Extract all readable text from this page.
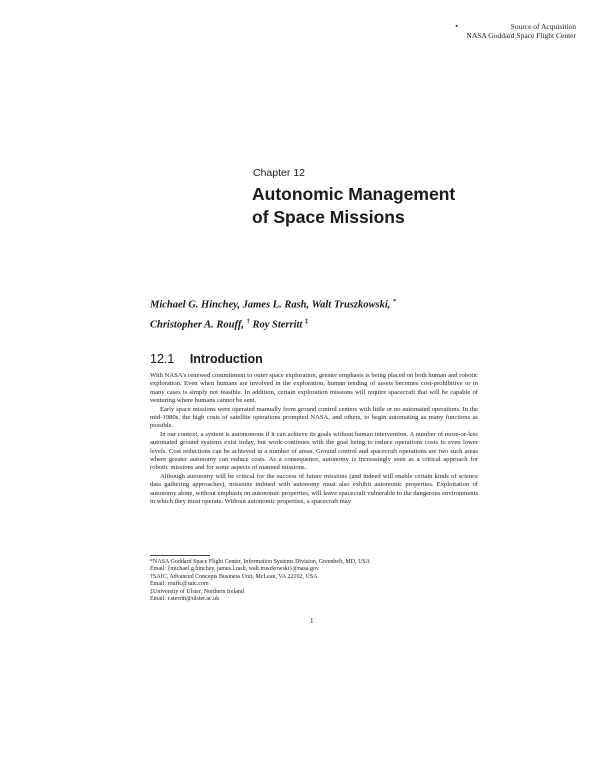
▪	Source of Acquisition
NASA Goddard Space Flight Center
Chapter 12
Autonomic Management
of Space Missions
Michael G. Hinchey, James L. Rash, Walt Truszkowski, *
Christopher A. Rouff, † Roy Sterritt ‡
12.1 Introduction

With NASA's renewed commitment to outer space exploration, greater emphasis is being placed on both human and robotic exploration. Even when humans are involved in the exploration, human tending of assets becomes cost-prohibitive or in many cases is simply not feasible. In addition, certain exploration missions will require spacecraft that will be capable of venturing where humans cannot be sent.

Early space missions were operated manually from ground control centers with little or no automated operations. In the mid-1980s, the high costs of satellite operations prompted NASA, and others, to begin automating as many functions as possible.

In our context, a system is autonomous if it can achieve its goals without human intervention. A number of more-or-less automated ground systems exist today, but work continues with the goal being to reduce operations costs to even lower levels. Cost reductions can be achieved in a number of areas. Ground control and spacecraft operations are two such areas where greater autonomy can reduce costs. As a consequence, autonomy is increasingly seen as a critical approach for robotic missions and for some aspects of manned missions.

Although autonomy will be critical for the success of future missions (and indeed will enable certain kinds of science data gathering approaches), missions imbued with autonomy must also exhibit autonomic properties. Exploitation of autonomy alone, without emphasis on autonomic properties, will leave spacecraft vulnerable to the dangerous environments in which they must operate. Without autonomic properties, a spacecraft may

*NASA Goddard Space Flight Center, Information Systems Division, Greenbelt, MD, USA
Email: {michael.g.hinchey, james.l.rash, walt.truszkowski}@nasa.gov
†SAIC, Advanced Concepts Business Unit, McLean, VA 22102, USA
Email: rouffc@saic.com
‡University of Ulster, Northern Ireland
Email: r.sterritt@ulster.ac.uk
1
